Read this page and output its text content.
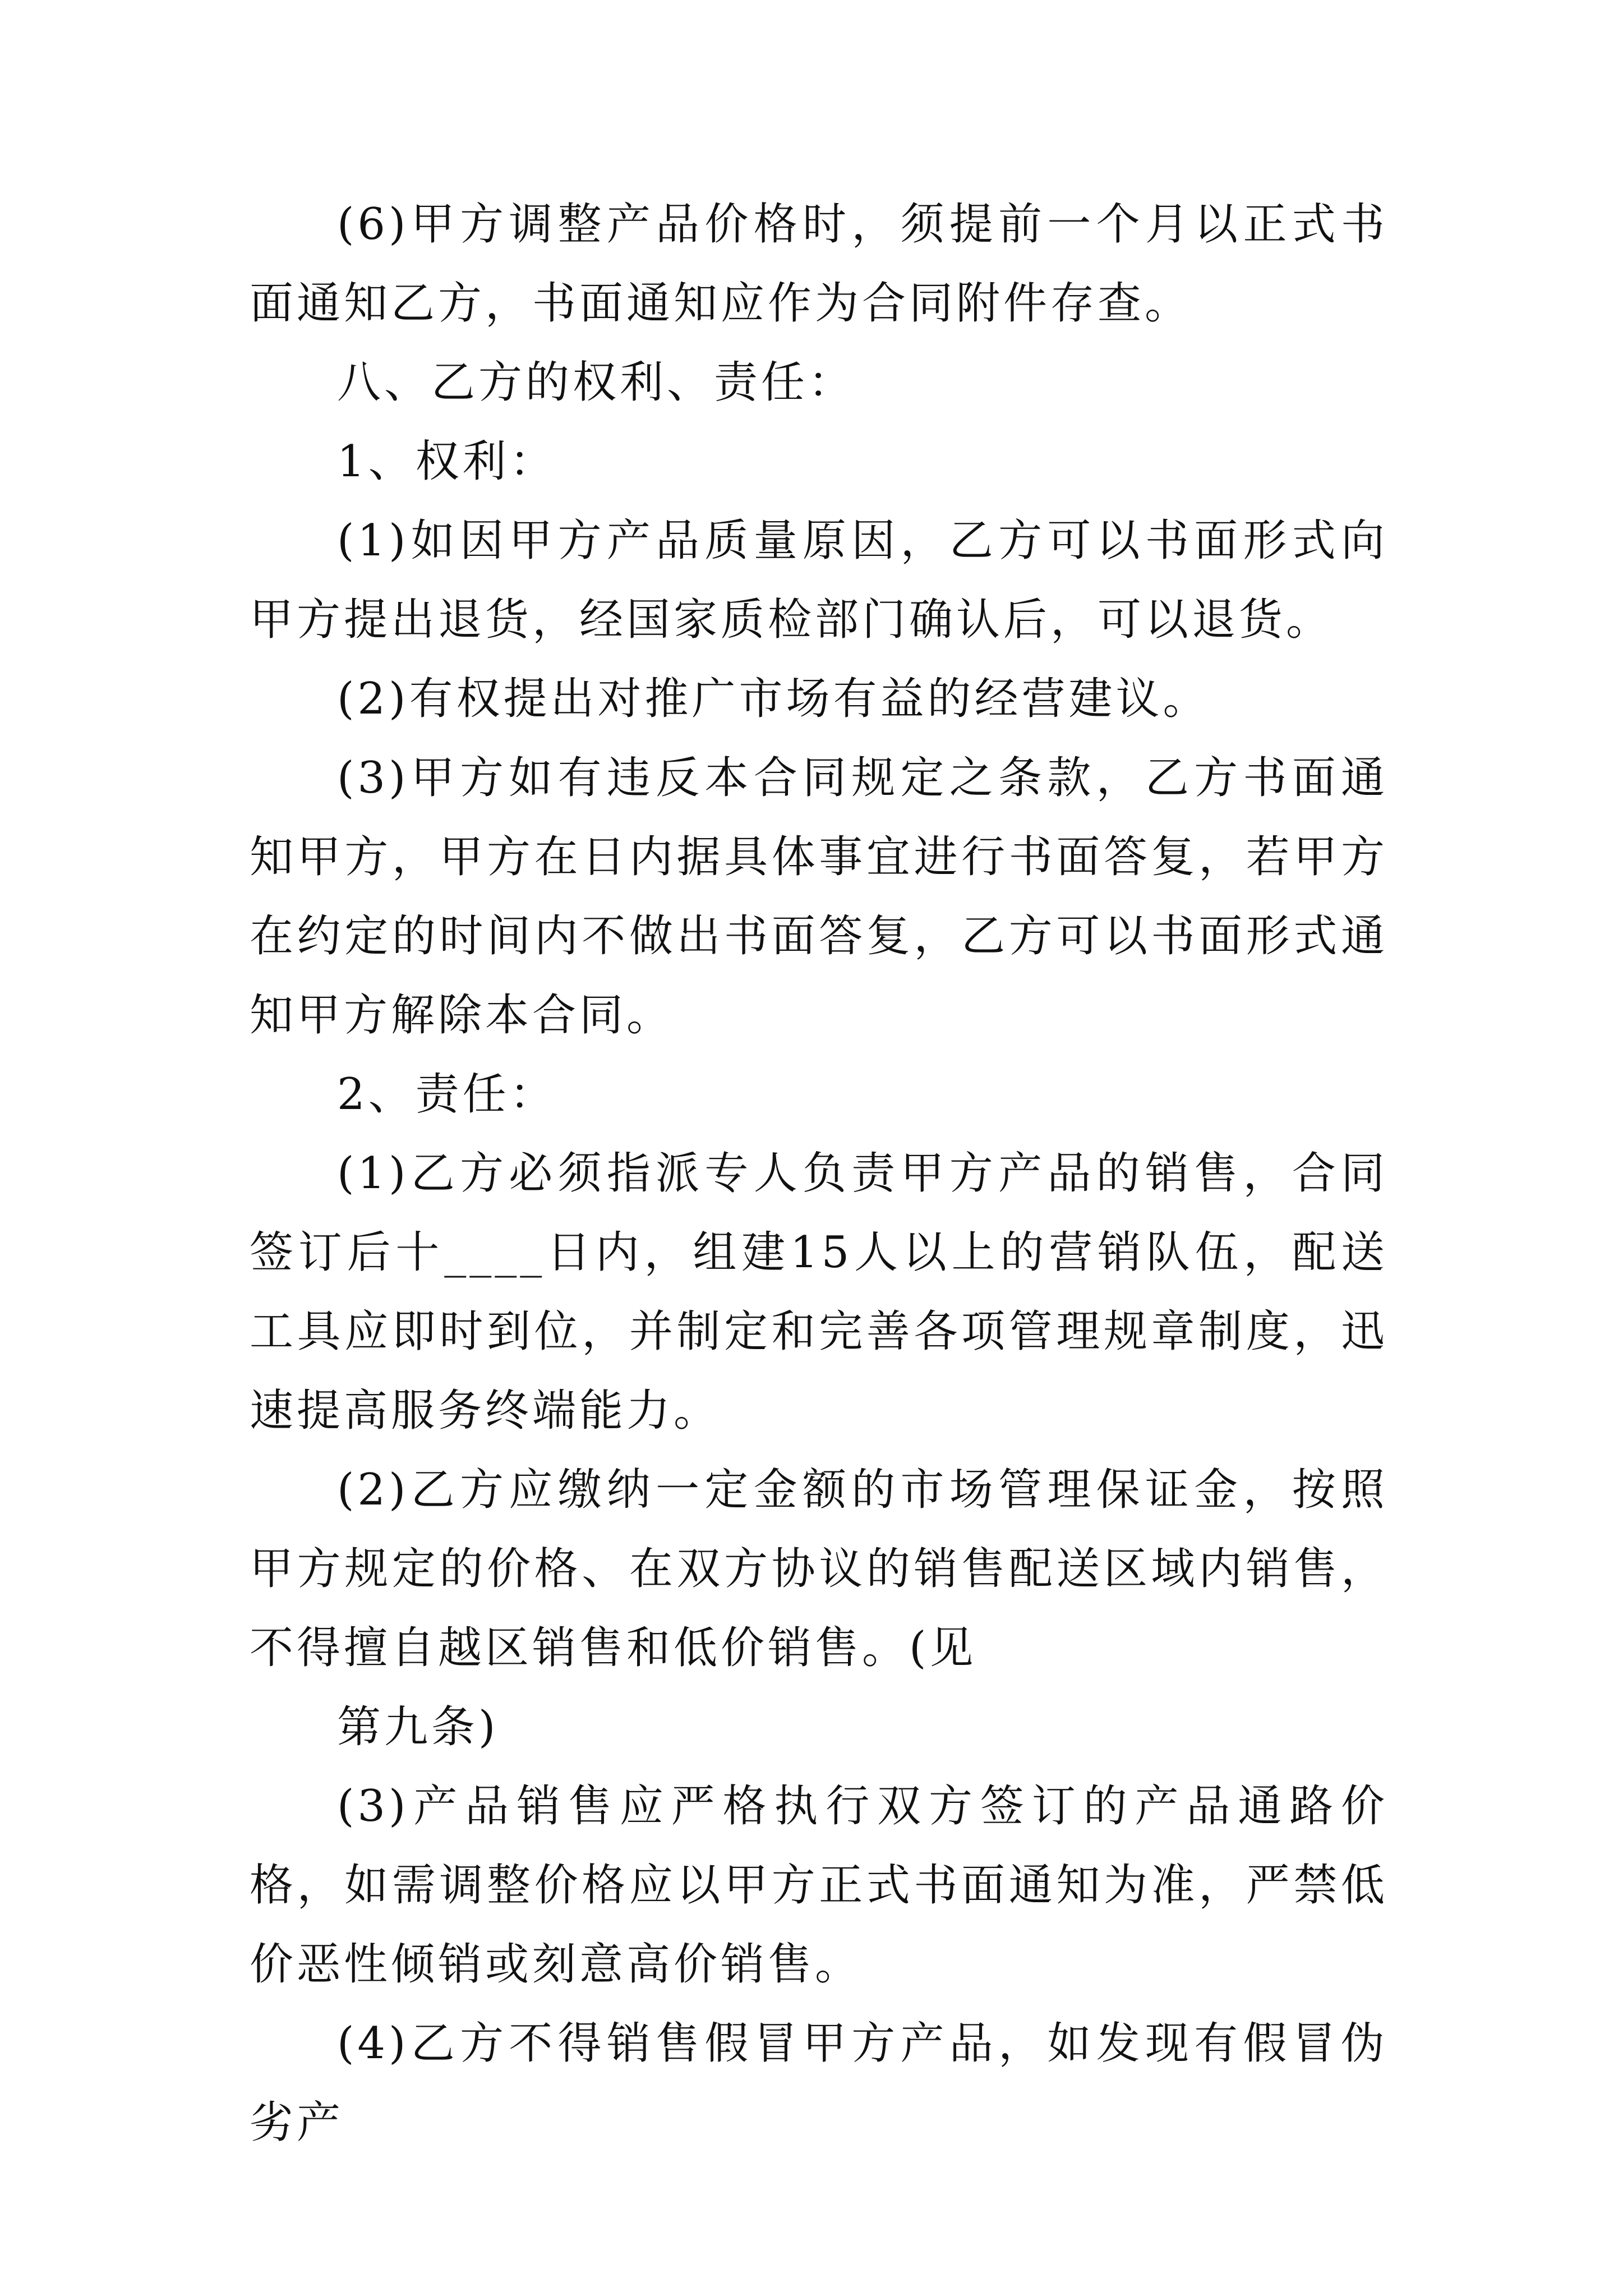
(6)甲方调整产品价格时，须提前一个月以正式书面通知乙方，书面通知应作为合同附件存查。

八、乙方的权利、责任：

1、权利：

(1)如因甲方产品质量原因，乙方可以书面形式向甲方提出退货，经国家质检部门确认后，可以退货。

(2)有权提出对推广市场有益的经营建议。

(3)甲方如有违反本合同规定之条款，乙方书面通知甲方，甲方在日内据具体事宜进行书面答复，若甲方在约定的时间内不做出书面答复，乙方可以书面形式通知甲方解除本合同。

2、责任：

(1)乙方必须指派专人负责甲方产品的销售，合同签订后十____日内，组建15人以上的营销队伍，配送工具应即时到位，并制定和完善各项管理规章制度，迅速提高服务终端能力。

(2)乙方应缴纳一定金额的市场管理保证金，按照甲方规定的价格、在双方协议的销售配送区域内销售，不得擅自越区销售和低价销售。(见

第九条)

(3)产品销售应严格执行双方签订的产品通路价格，如需调整价格应以甲方正式书面通知为准，严禁低价恶性倾销或刻意高价销售。

(4)乙方不得销售假冒甲方产品，如发现有假冒伪劣产
